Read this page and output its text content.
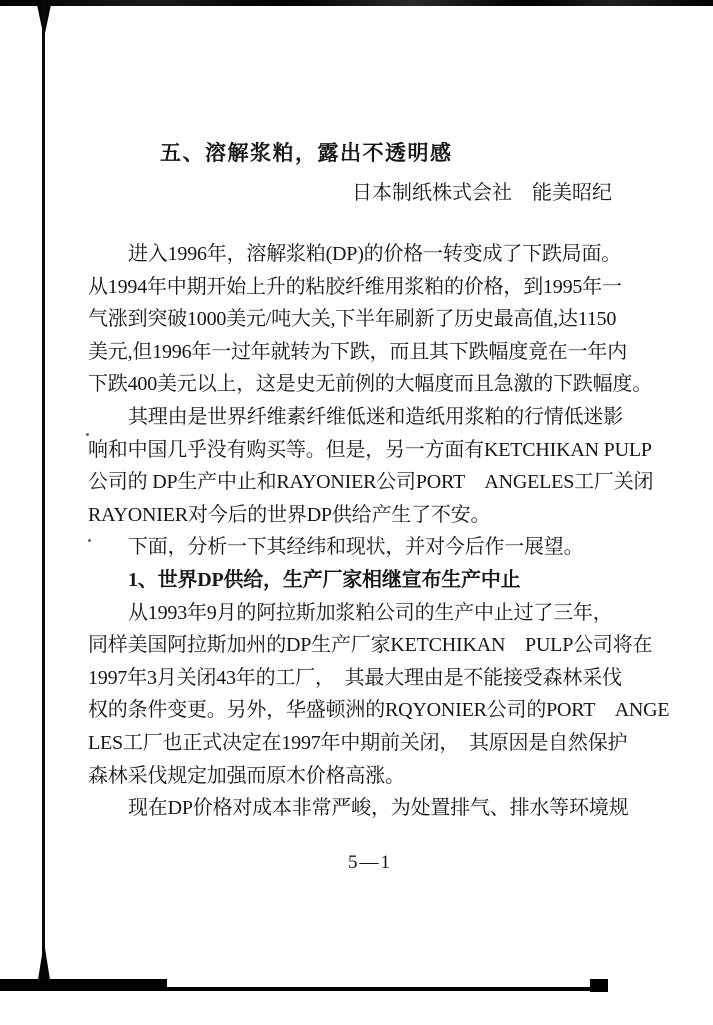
五、溶解浆粕，露出不透明感
日本制纸株式会社　能美昭纪
进入1996年，溶解浆粕(DP)的价格一转变成了下跌局面。
从1994年中期开始上升的粘胶纤维用浆粕的价格，到1995年一
气涨到突破1000美元/吨大关,下半年刷新了历史最高值,达1150
美元,但1996年一过年就转为下跌，而且其下跌幅度竟在一年内
下跌400美元以上，这是史无前例的大幅度而且急激的下跌幅度。
其理由是世界纤维素纤维低迷和造纸用浆粕的行情低迷影
响和中国几乎没有购买等。但是，另一方面有KETCHIKAN PULP
公司的 DP生产中止和RAYONIER公司PORT　ANGELES工厂关闭
RAYONIER对今后的世界DP供给产生了不安。
下面，分析一下其经纬和现状，并对今后作一展望。
1、世界DP供给，生产厂家相继宣布生产中止
从1993年9月的阿拉斯加浆粕公司的生产中止过了三年，
同样美国阿拉斯加州的DP生产厂家KETCHIKAN　PULP公司将在
1997年3月关闭43年的工厂，　其最大理由是不能接受森林采伐
权的条件变更。另外，华盛顿洲的RQYONIER公司的PORT　ANGE
LES工厂也正式决定在1997年中期前关闭，　其原因是自然保护
森林采伐规定加强而原木价格高涨。
现在DP价格对成本非常严峻，为处置排气、排水等环境规
5—1
